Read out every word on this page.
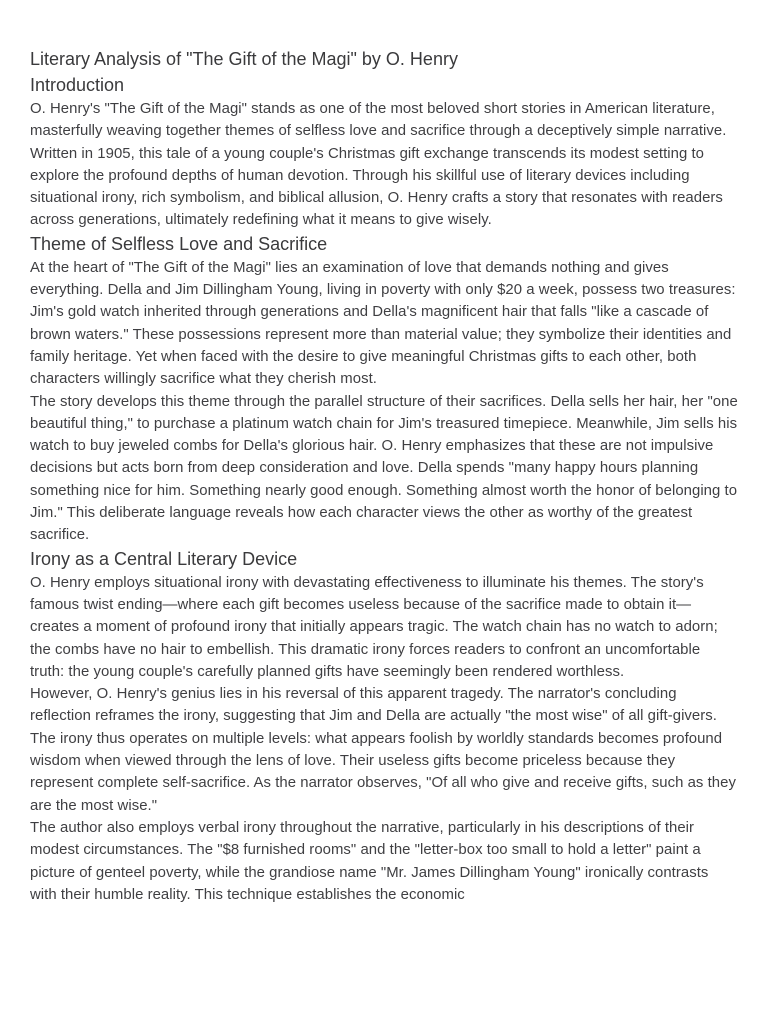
Literary Analysis of "The Gift of the Magi" by O. Henry
Introduction

O. Henry's "The Gift of the Magi" stands as one of the most beloved short stories in American literature, masterfully weaving together themes of selfless love and sacrifice through a deceptively simple narrative. Written in 1905, this tale of a young couple's Christmas gift exchange transcends its modest setting to explore the profound depths of human devotion. Through his skillful use of literary devices including situational irony, rich symbolism, and biblical allusion, O. Henry crafts a story that resonates with readers across generations, ultimately redefining what it means to give wisely.

Theme of Selfless Love and Sacrifice

At the heart of "The Gift of the Magi" lies an examination of love that demands nothing and gives everything. Della and Jim Dillingham Young, living in poverty with only $20 a week, possess two treasures: Jim's gold watch inherited through generations and Della's magnificent hair that falls "like a cascade of brown waters." These possessions represent more than material value; they symbolize their identities and family heritage. Yet when faced with the desire to give meaningful Christmas gifts to each other, both characters willingly sacrifice what they cherish most.

The story develops this theme through the parallel structure of their sacrifices. Della sells her hair, her "one beautiful thing," to purchase a platinum watch chain for Jim's treasured timepiece. Meanwhile, Jim sells his watch to buy jeweled combs for Della's glorious hair. O. Henry emphasizes that these are not impulsive decisions but acts born from deep consideration and love. Della spends "many happy hours planning something nice for him. Something nearly good enough. Something almost worth the honor of belonging to Jim." This deliberate language reveals how each character views the other as worthy of the greatest sacrifice.

Irony as a Central Literary Device

O. Henry employs situational irony with devastating effectiveness to illuminate his themes. The story's famous twist ending—where each gift becomes useless because of the sacrifice made to obtain it—creates a moment of profound irony that initially appears tragic. The watch chain has no watch to adorn; the combs have no hair to embellish. This dramatic irony forces readers to confront an uncomfortable truth: the young couple's carefully planned gifts have seemingly been rendered worthless.

However, O. Henry's genius lies in his reversal of this apparent tragedy. The narrator's concluding reflection reframes the irony, suggesting that Jim and Della are actually "the most wise" of all gift-givers. The irony thus operates on multiple levels: what appears foolish by worldly standards becomes profound wisdom when viewed through the lens of love. Their useless gifts become priceless because they represent complete self-sacrifice. As the narrator observes, "Of all who give and receive gifts, such as they are the most wise."

The author also employs verbal irony throughout the narrative, particularly in his descriptions of their modest circumstances. The "$8 furnished rooms" and the "letter-box too small to hold a letter" paint a picture of genteel poverty, while the grandiose name "Mr. James Dillingham Young" ironically contrasts with their humble reality. This technique establishes the economic
